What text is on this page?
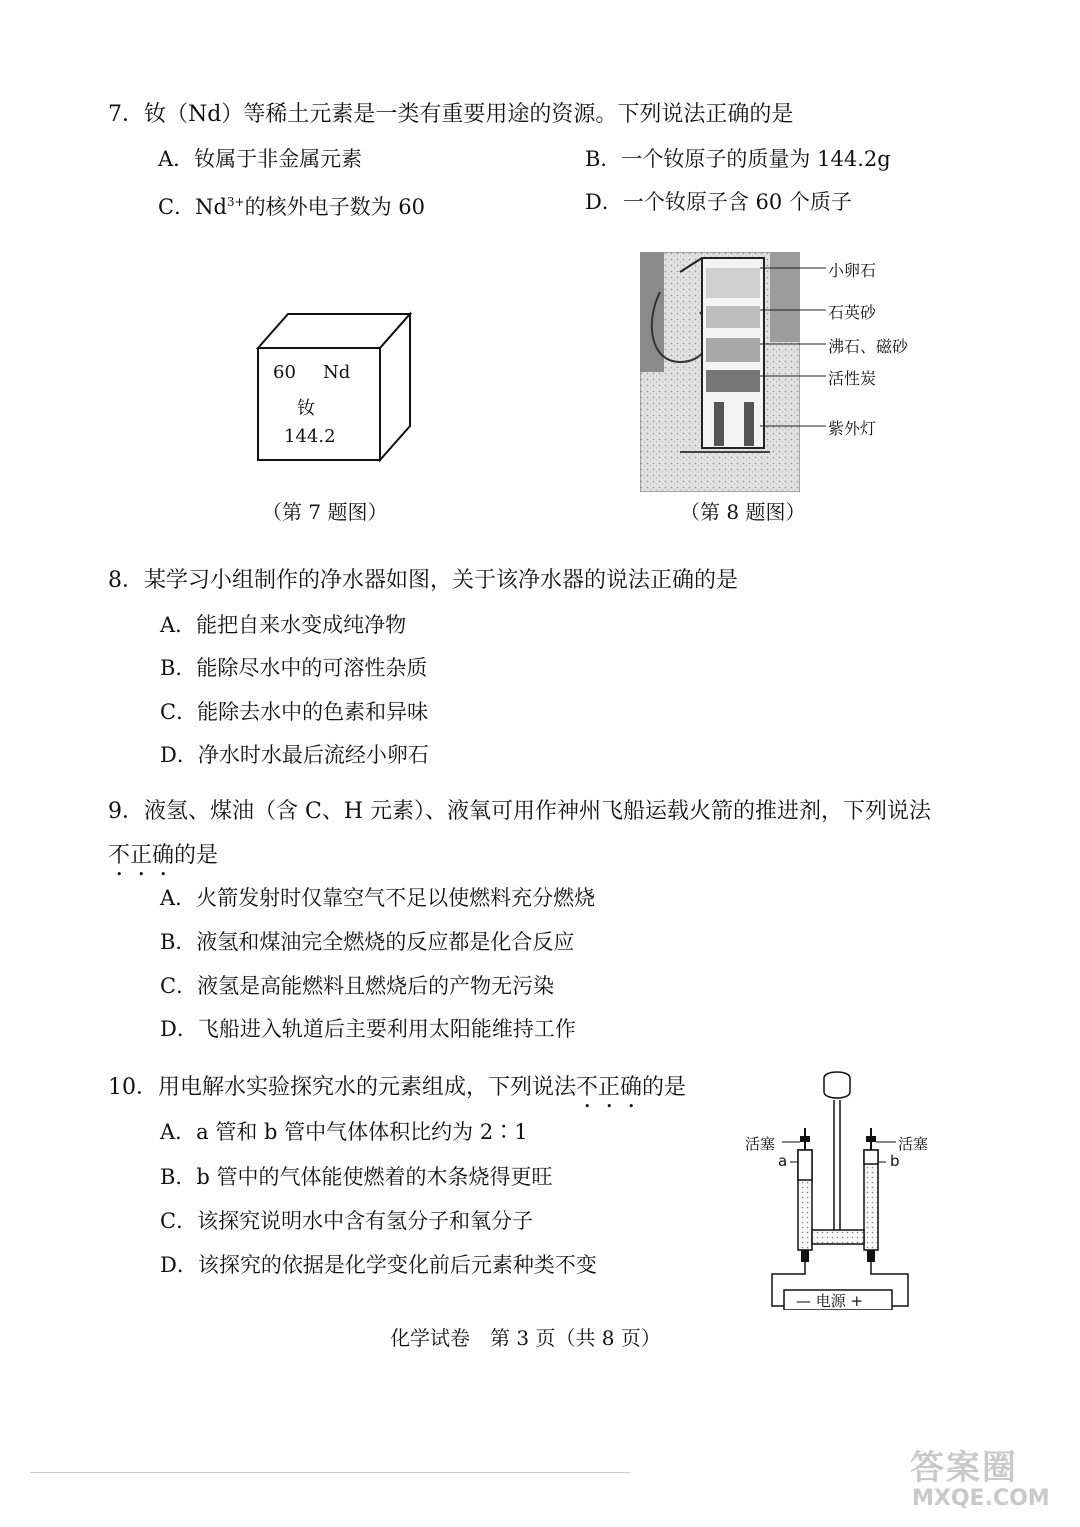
7．钕（Nd）等稀土元素是一类有重要用途的资源。下列说法正确的是
A．钕属于非金属元素	B．一个钕原子的质量为 144.2g
C．$Nd^{3+}$的核外电子数为 60	D．一个钕原子含 60 个质子
60 Nd
钕
144.2
（第 7 题图）
小卵石
石英砂
沸石、磁砂
活性炭
紫外灯
（第 8 题图）
8．某学习小组制作的净水器如图，关于该净水器的说法正确的是
A．能把自来水变成纯净物
B．能除尽水中的可溶性杂质
C．能除去水中的色素和异味
D．净水时水最后流经小卵石
9．液氢、煤油（含 C、H 元素）、液氧可用作神州飞船运载火箭的推进剂，下列说法
不正确的是
A．火箭发射时仅靠空气不足以使燃料充分燃烧
B．液氢和煤油完全燃烧的反应都是化合反应
C．液氢是高能燃料且燃烧后的产物无污染
D．飞船进入轨道后主要利用太阳能维持工作
10．用电解水实验探究水的元素组成，下列说法不正确的是
A．a 管和 b 管中气体体积比约为 2∶1
B．b 管中的气体能使燃着的木条烧得更旺
C．该探究说明水中含有氢分子和氧分子
D．该探究的依据是化学变化前后元素种类不变
活塞	活塞
a	b
— 电源 +
化学试卷　第 3 页（共 8 页）
答案圈
MXQE.COM
